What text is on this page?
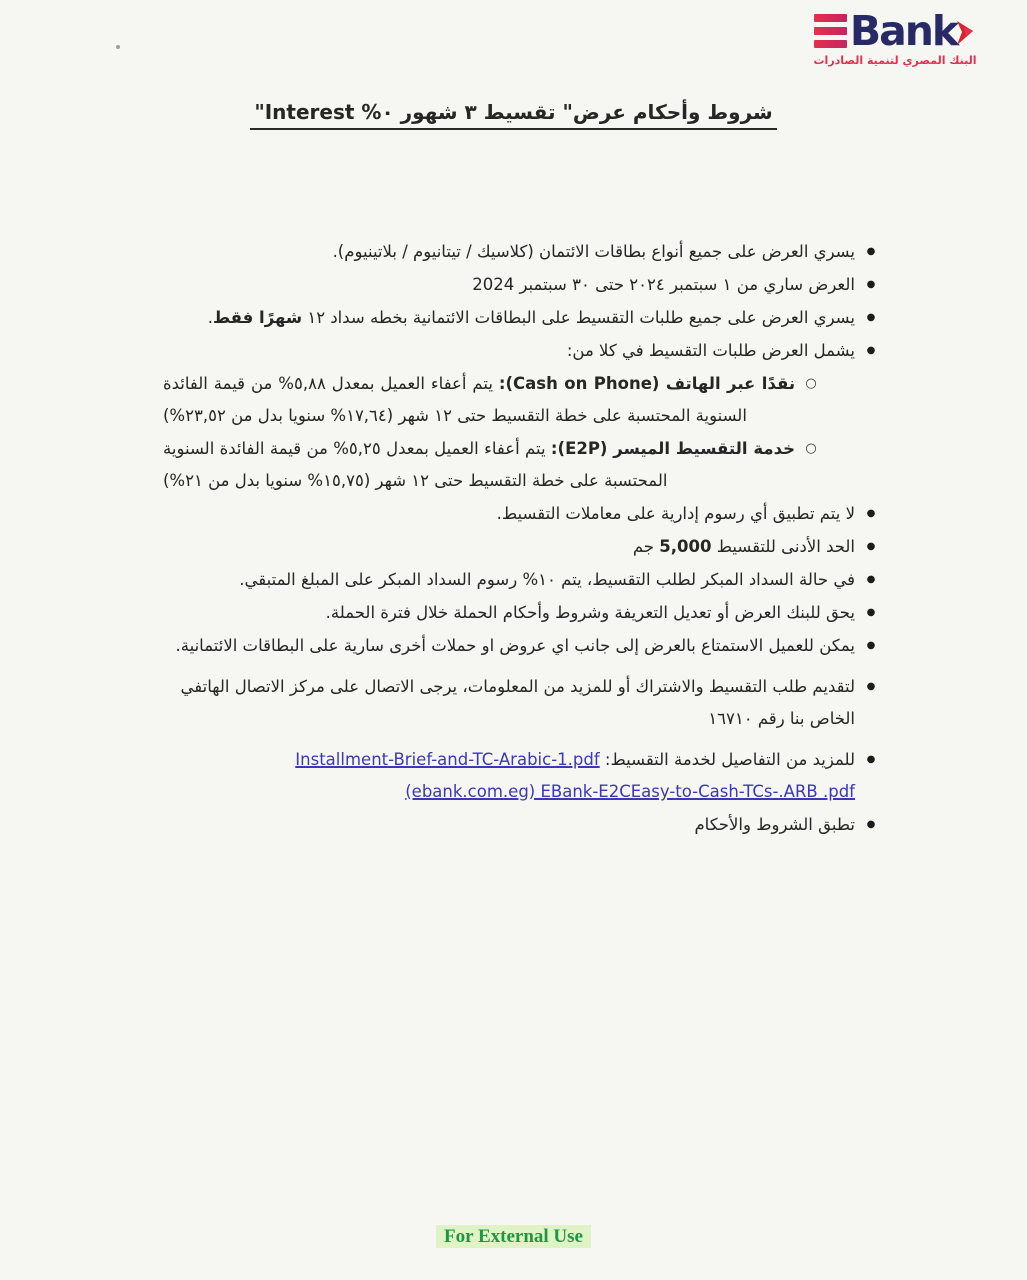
Bank
البنك المصري لتنمية الصادرات
شروط وأحكام عرض" تقسيط ٣ شهور ٠% Interest"
●
يسري العرض على جميع أنواع بطاقات الائتمان (كلاسيك / تيتانيوم / بلاتينيوم).
●
العرض ساري من ١ سبتمبر ٢٠٢٤ حتى ٣٠ سبتمبر 2024
●
يسري العرض على جميع طلبات التقسيط على البطاقات الائتمانية بخطه سداد ١٢ شهرًا فقط.
●
يشمل العرض طلبات التقسيط في كلا من:
○
نقدًا عبر الهاتف (Cash on Phone): يتم أعفاء العميل بمعدل ٥,٨٨% من قيمة الفائدة السنوية المحتسبة على خطة التقسيط حتى ١٢ شهر (١٧,٦٤% سنويا بدل من ٢٣,٥٢%)
○
خدمة التقسيط الميسر (E2P): يتم أعفاء العميل بمعدل ٥,٢٥% من قيمة الفائدة السنوية المحتسبة على خطة التقسيط حتى ١٢ شهر (١٥,٧٥% سنويا بدل من ٢١%)
●
لا يتم تطبيق أي رسوم إدارية على معاملات التقسيط.
●
الحد الأدنى للتقسيط 5,000 جم
●
في حالة السداد المبكر لطلب التقسيط، يتم ١٠% رسوم السداد المبكر على المبلغ المتبقي.
●
يحق للبنك العرض أو تعديل التعريفة وشروط وأحكام الحملة خلال فترة الحملة.
●
يمكن للعميل الاستمتاع بالعرض إلى جانب اي عروض او حملات أخرى سارية على البطاقات الائتمانية.
●
لتقديم طلب التقسيط والاشتراك أو للمزيد من المعلومات، يرجى الاتصال على مركز الاتصال الهاتفي الخاص بنا رقم ١٦٧١٠
●
للمزيد من التفاصيل لخدمة التقسيط: Installment-Brief-and-TC-Arabic-1.pdf (ebank.com.eg) EBank-E2CEasy-to-Cash-TCs-.ARB .pdf
●
تطبق الشروط والأحكام
For External Use
